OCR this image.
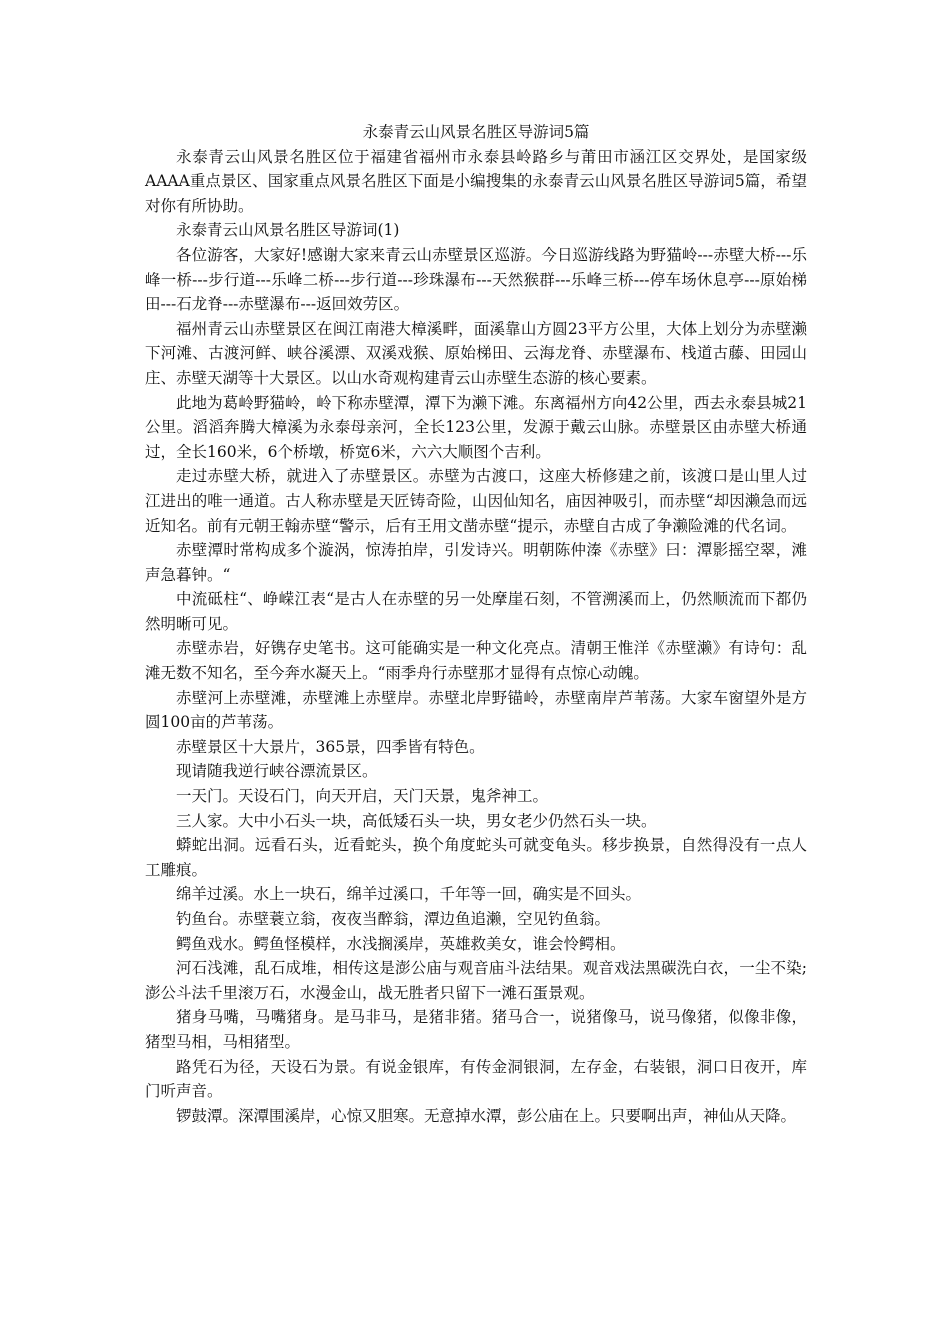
永泰青云山风景名胜区导游词5篇

永泰青云山风景名胜区位于福建省福州市永泰县岭路乡与莆田市涵江区交界处，是国家级AAAA重点景区、国家重点风景名胜区下面是小编搜集的永泰青云山风景名胜区导游词5篇，希望对你有所协助。

永泰青云山风景名胜区导游词(1)

各位游客，大家好!感谢大家来青云山赤壁景区巡游。今日巡游线路为野猫岭---赤壁大桥---乐峰一桥---步行道---乐峰二桥---步行道---珍珠瀑布---天然猴群---乐峰三桥---停车场休息亭---原始梯田---石龙脊---赤壁瀑布---返回效劳区。

福州青云山赤壁景区在闽江南港大樟溪畔，面溪靠山方圆23平方公里，大体上划分为赤壁濑下河滩、古渡河鲜、峡谷溪漂、双溪戏猴、原始梯田、云海龙脊、赤壁瀑布、栈道古藤、田园山庄、赤壁天湖等十大景区。以山水奇观构建青云山赤壁生态游的核心要素。

此地为葛岭野猫岭，岭下称赤壁潭，潭下为濑下滩。东离福州方向42公里，西去永泰县城21公里。滔滔奔腾大樟溪为永泰母亲河，全长123公里，发源于戴云山脉。赤壁景区由赤壁大桥通过，全长160米，6个桥墩，桥宽6米，六六大顺图个吉利。

走过赤壁大桥，就进入了赤壁景区。赤壁为古渡口，这座大桥修建之前，该渡口是山里人过江进出的唯一通道。古人称赤壁是天匠铸奇险，山因仙知名，庙因神吸引，而赤壁“却因濑急而远近知名。前有元朝王翰赤壁“警示，后有王用文凿赤壁“提示，赤壁自古成了争濑险滩的代名词。

赤壁潭时常构成多个漩涡，惊涛拍岸，引发诗兴。明朝陈仲溱《赤壁》曰：潭影摇空翠，滩声急暮钟。“

中流砥柱“、峥嵘江表“是古人在赤壁的另一处摩崖石刻，不管溯溪而上，仍然顺流而下都仍然明晰可见。

赤壁赤岩，好镌存史笔书。这可能确实是一种文化亮点。清朝王惟洋《赤壁濑》有诗句：乱滩无数不知名，至今奔水凝天上。“雨季舟行赤壁那才显得有点惊心动魄。

赤壁河上赤壁滩，赤壁滩上赤壁岸。赤壁北岸野锚岭，赤壁南岸芦苇荡。大家车窗望外是方圆100亩的芦苇荡。

赤壁景区十大景片，365景，四季皆有特色。

现请随我逆行峡谷漂流景区。

一天门。天设石门，向天开启，天门天景，鬼斧神工。

三人家。大中小石头一块，高低矮石头一块，男女老少仍然石头一块。

蟒蛇出洞。远看石头，近看蛇头，换个角度蛇头可就变龟头。移步换景，自然得没有一点人工雕痕。

绵羊过溪。水上一块石，绵羊过溪口，千年等一回，确实是不回头。

钓鱼台。赤壁蓑立翁，夜夜当醉翁，潭边鱼追濑，空见钓鱼翁。

鳄鱼戏水。鳄鱼怪模样，水浅搁溪岸，英雄救美女，谁会怜鳄相。

河石浅滩，乱石成堆，相传这是澎公庙与观音庙斗法结果。观音戏法黑碳洗白衣，一尘不染;澎公斗法千里滚万石，水漫金山，战无胜者只留下一滩石蛋景观。

猪身马嘴，马嘴猪身。是马非马，是猪非猪。猪马合一，说猪像马，说马像猪，似像非像，猪型马相，马相猪型。

路凭石为径，天设石为景。有说金银库，有传金洞银洞，左存金，右装银，洞口日夜开，库门听声音。

锣鼓潭。深潭围溪岸，心惊又胆寒。无意掉水潭，彭公庙在上。只要啊出声，神仙从天降。
